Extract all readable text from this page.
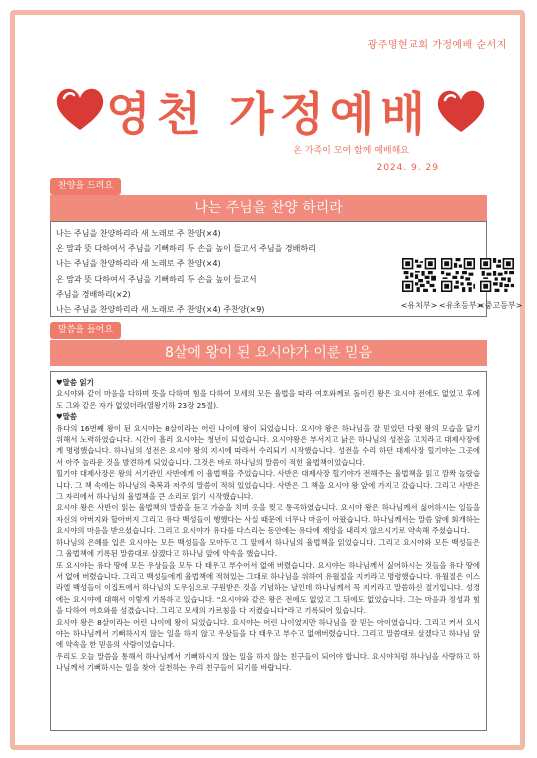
광주명현교회 가정예배 순서지
영천 가정예배
온 가족이 모여 함께 예배해요
2024. 9. 29
찬양을 드려요
나는 주님을 찬양 하리라
나는 주님을 찬양하리라 새 노래로 주 찬양(×4)
온 맘과 뜻 다하여서 주님을 기뻐하리 두 손을 높이 들고서 주님을 경배하리
나는 주님을 찬양하리라 새 노래로 주 찬양(×4)
온 맘과 뜻 다하여서 주님을 기뻐하리 두 손을 높이 들고서
주님을 경배하리(×2)
나는 주님을 찬양하리라 새 노래로 주 찬양(×4) 주찬양(×9)	<유치부> <유초등부>
<중고등부>
말씀을 들어요
8살에 왕이 된 요시야가 이룬 믿음

♥말씀 읽기

요시야와 같이 마음을 다하며 뜻을 다하며 힘을 다하여 모세의 모든 율법을 따라 여호와께로 돌이킨 왕은 요시야 전에도 없었고 후에도 그와 같은 자가 없었더라(열왕기하 23장 25절).

♥말씀

유다의 16번째 왕이 된 요시야는 8살이라는 어린 나이에 왕이 되었습니다. 요시야 왕은 하나님을 잘 믿었던 다윗 왕의 모습을 닮기 위해서 노력하였습니다. 시간이 흘러 요시야는 청년이 되었습니다. 요시야왕은 부서지고 낡은 하나님의 성전을 고치라고 대제사장에게 명령했습니다. 하나님의 성전은 요시야 왕의 지시에 따라서 수리되기 시작했습니다. 성전을 수리 하던 대제사장 힐기야는 그곳에서 아주 놀라운 것을 발견하게 되었습니다. 그것은 바로 하나님의 말씀이 적힌 율법책이었습니다.

힐기야 대제사장은 왕의 서기관인 사반에게 이 율법책을 주었습니다. 사반은 대제사장 힐기야가 전해주는 율법책을 읽고 깜짝 놀랐습니다. 그 책 속에는 하나님의 축복과 저주의 말씀이 적혀 있었습니다. 사반은 그 책을 요시야 왕 앞에 가지고 갔습니다. 그리고 사반은 그 자리에서 하나님의 율법책을 큰 소리로 읽기 시작했습니다.

요시야 왕은 사반이 읽는 율법책의 말씀을 듣고 가슴을 치며 옷을 찢고 통곡하였습니다. 요시야 왕은 하나님께서 싫어하시는 일들을 자신의 아버지와 할아버지 그리고 유다 백성들이 행했다는 사실 때문에 너무나 마음이 아팠습니다. 하나님께서는 말씀 앞에 회개하는 요시야의 마음을 받으셨습니다. 그리고 요시야가 유다를 다스리는 동안에는 유다에 재앙을 내리지 않으시기로 약속해 주셨습니다.

하나님의 은혜를 입은 요시야는 모든 백성들을 모아두고 그 앞에서 하나님의 율법책을 읽었습니다. 그리고 요시야와 모든 백성들은 그 율법책에 기록된 말씀대로 살겠다고 하나님 앞에 약속을 했습니다.

또 요시야는 유다 땅에 모든 우상들을 모두 다 태우고 부수어서 없애 버렸습니다. 요시야는 하나님께서 싫어하시는 것들을 유다 땅에서 없애 버렸습니다. 그리고 백성들에게 율법책에 적혀있는 그대로 하나님을 위하여 유월절을 지키라고 명령했습니다. 유월절은 이스라엘 백성들이 이집트에서 하나님의 도우심으로 구원받은 것을 기념하는 날인데 하나님께서 꼭 지키라고 말씀하신 절기입니다. 성경에는 요시야에 대해서 이렇게 기록하고 있습니다. "요시야와 같은 왕은 전에도 없었고 그 뒤에도 없었습니다. 그는 마음과 정성과 힘을 다하여 여호와를 섬겼습니다. 그리고 모세의 가르침을 다 지켰습니다"라고 기록되어 있습니다.

요시야 왕은 8살이라는 어린 나이에 왕이 되었습니다. 요시야는 어린 나이였지만 하나님을 잘 믿는 아이였습니다. 그리고 커서 요시야는 하나님께서 기뻐하시지 않는 일을 하지 않고 우상들을 다 태우고 부수고 없애버렸습니다. 그리고 말씀대로 살겠다고 하나님 앞에 약속을 한 믿음의 사람이었습니다.

우리도 오늘 말씀을 통해서 하나님께서 기뻐하시지 않는 일을 하지 않는 친구들이 되어야 합니다. 요시야처럼 하나님을 사랑하고 하나님께서 기뻐하시는 일을 찾아 실천하는 우리 친구들이 되기를 바랍니다.
